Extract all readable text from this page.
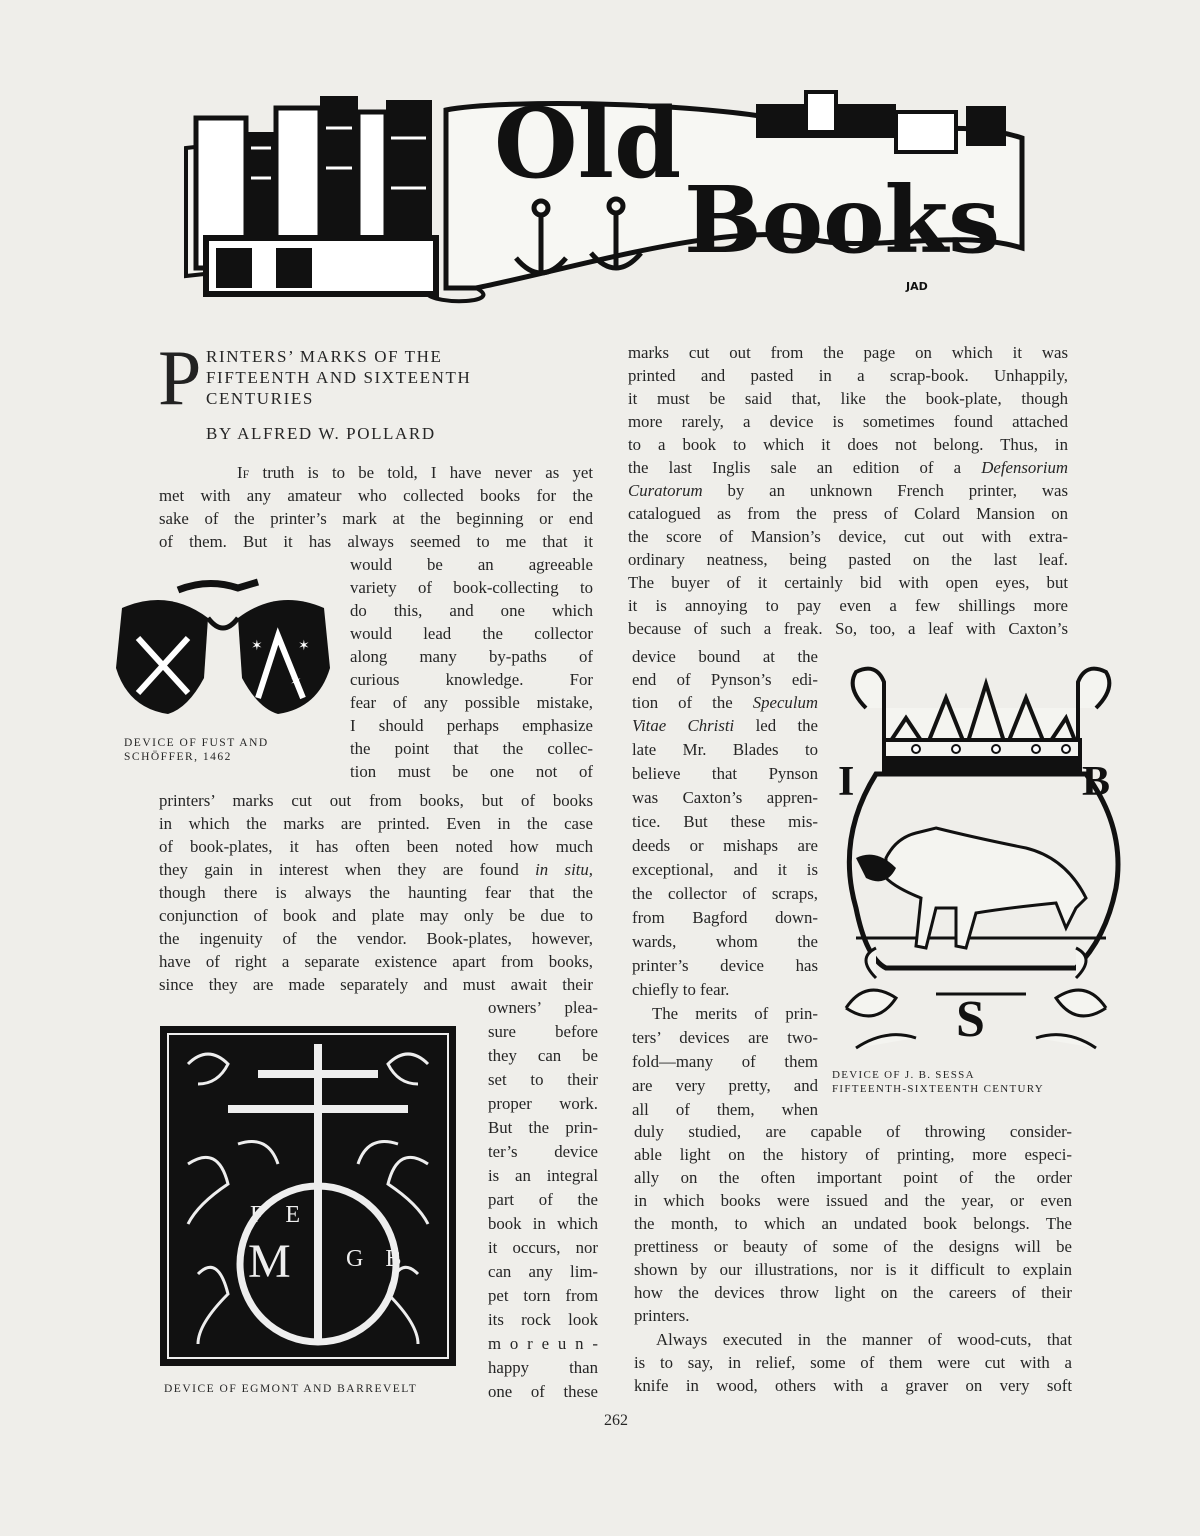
Old
Books
JAD
P RINTERS’ MARKS OF THE
FIFTEENTH AND SIXTEENTH
CENTURIES
BY ALFRED W. POLLARD
If truth is to be told, I have never as yet
met with any amateur who collected books for the
sake of the printer’s mark at the beginning or end
of them. But it has always seemed to me that it
would be an agreeable
variety of book-collecting to
do this, and one which
would lead the collector
along many by-paths of
curious knowledge. For
fear of any possible mistake,
I should perhaps emphasize
the point that the collec-
tion must be one not of
✶	✶
✶
DEVICE OF FUST AND
SCHÖFFER, 1462
printers’ marks cut out from books, but of books
in which the marks are printed. Even in the case
of book-plates, it has often been noted how much
they gain in interest when they are found in situ,
though there is always the haunting fear that the
conjunction of book and plate may only be due to
the ingenuity of the vendor. Book-plates, however,
have of right a separate existence apart from books,
since they are made separately and must await their
F E
M G B
DEVICE OF EGMONT AND BARREVELT
owners’ plea-
sure before
they can be
set to their
proper work.
But the prin-
ter’s device
is an integral
part of the
book in which
it occurs, nor
can any lim-
pet torn from
its rock look
m o r e u n -
happy than
one of these
marks cut out from the page on which it was
printed and pasted in a scrap-book. Unhappily,
it must be said that, like the book-plate, though
more rarely, a device is sometimes found attached
to a book to which it does not belong. Thus, in
the last Inglis sale an edition of a Defensorium
Curatorum by an unknown French printer, was
catalogued as from the press of Colard Mansion on
the score of Mansion’s device, cut out with extra-
ordinary neatness, being pasted on the last leaf.
The buyer of it certainly bid with open eyes, but
it is annoying to pay even a few shillings more
because of such a freak. So, too, a leaf with Caxton’s
device bound at the
end of Pynson’s edi-
tion of the Speculum
Vitae Christi led the
late Mr. Blades to
believe that Pynson
was Caxton’s appren-
tice. But these mis-
deeds or mishaps are
exceptional, and it is
the collector of scraps,
from Bagford down-
wards, whom the
printer’s device has
chiefly to fear.
The merits of prin-
ters’ devices are two-
fold—many of them
are very pretty, and
all of them, when
I	B
S
DEVICE OF J. B. SESSA
FIFTEENTH-SIXTEENTH CENTURY
duly studied, are capable of throwing consider-
able light on the history of printing, more especi-
ally on the often important point of the order
in which books were issued and the year, or even
the month, to which an undated book belongs. The
prettiness or beauty of some of the designs will be
shown by our illustrations, nor is it difficult to explain
how the devices throw light on the careers of their
printers.
Always executed in the manner of wood-cuts, that
is to say, in relief, some of them were cut with a
knife in wood, others with a graver on very soft
262
